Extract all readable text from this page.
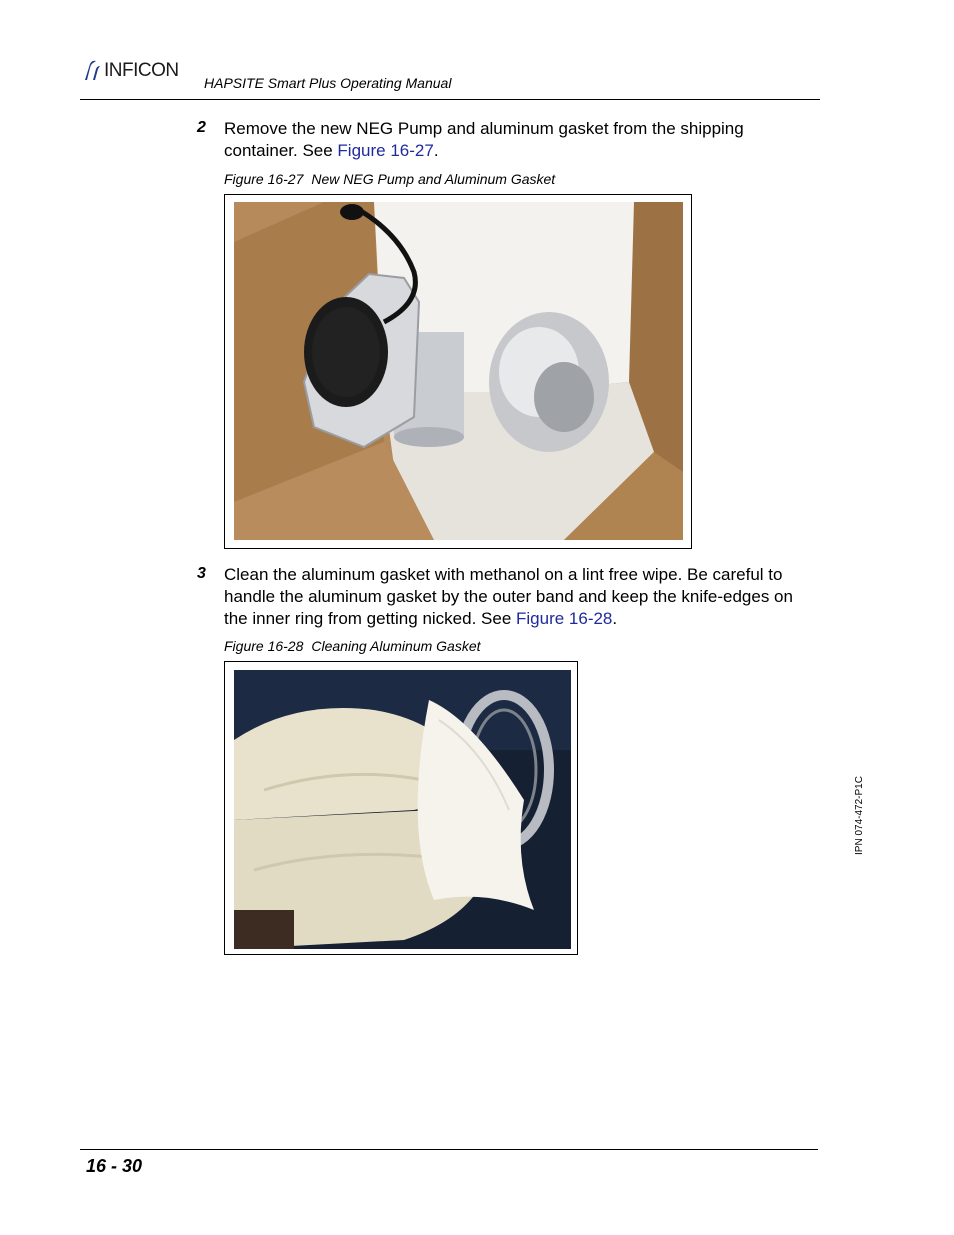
INFICON
HAPSITE Smart Plus Operating Manual
2 Remove the new NEG Pump and aluminum gasket from the shipping container. See Figure 16-27.
Figure 16-27 New NEG Pump and Aluminum Gasket
3 Clean the aluminum gasket with methanol on a lint free wipe. Be careful to handle the aluminum gasket by the outer band and keep the knife-edges on the inner ring from getting nicked. See Figure 16-28.
Figure 16-28 Cleaning Aluminum Gasket
IPN 074-472-P1C
16 - 30
